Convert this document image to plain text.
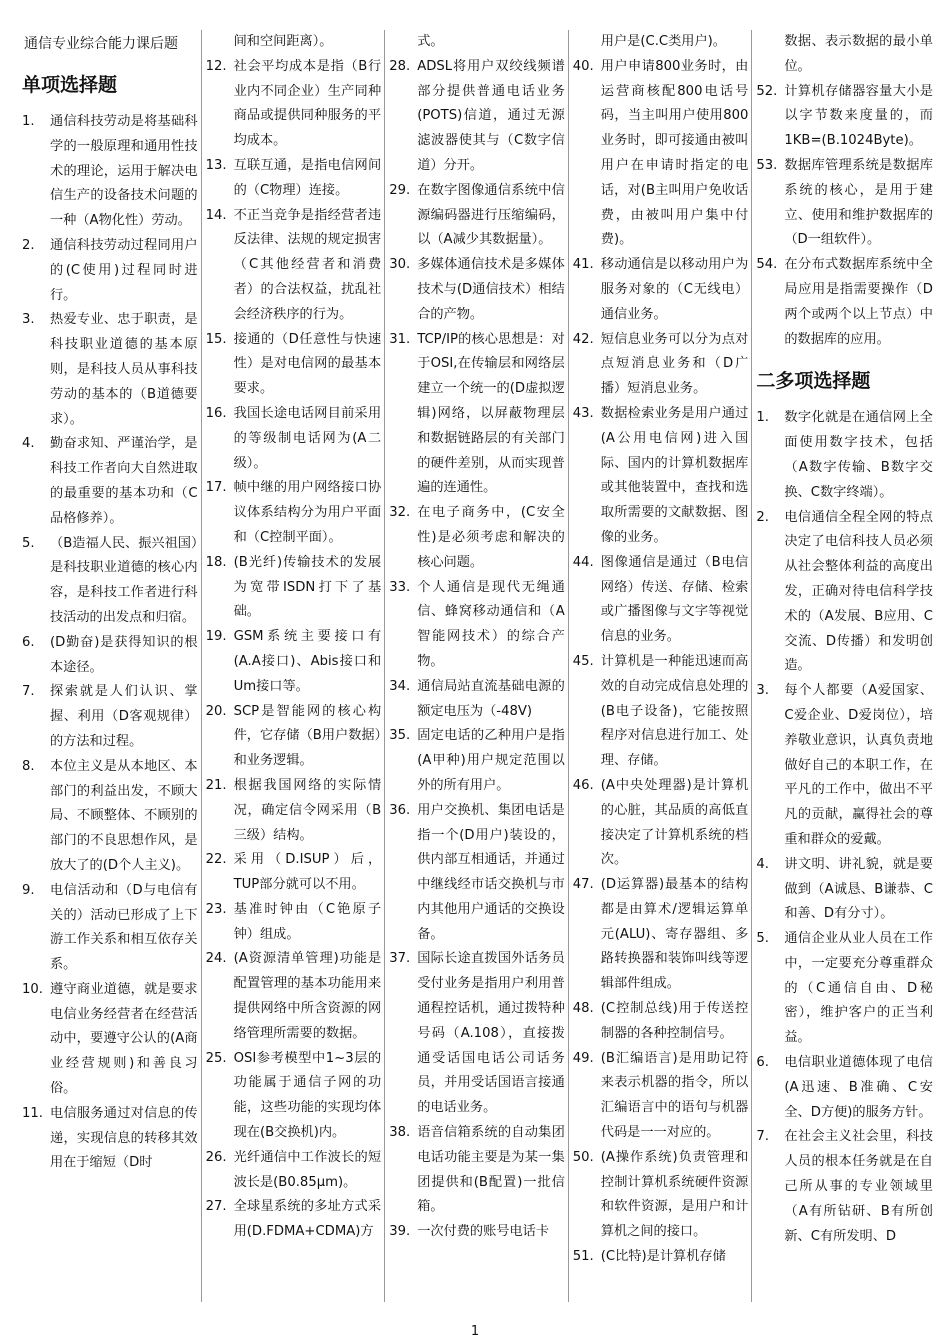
通信专业综合能力课后题
单项选择题
1.	通信科技劳动是将基础科学的一般原理和通用性技术的理论，运用于解决电信生产的设备技术问题的一种（A物化性）劳动。
2.	通信科技劳动过程同用户的(C使用)过程同时进行。
3.	热爱专业、忠于职责，是科技职业道德的基本原则，是科技人员从事科技劳动的基本的（B道德要求）。
4.	勤奋求知、严谨治学，是科技工作者向大自然进取的最重要的基本功和（C品格修养）。
5.	（B造福人民、振兴祖国）是科技职业道德的核心内容，是科技工作者进行科技活动的出发点和归宿。
6.	(D勤奋)是获得知识的根本途径。
7.	探索就是人们认识、掌握、利用（D客观规律）的方法和过程。
8.	本位主义是从本地区、本部门的利益出发，不顾大局、不顾整体、不顾别的部门的不良思想作风，是放大了的(D个人主义)。
9.	电信活动和（D与电信有关的）活动已形成了上下游工作关系和相互依存关系。
10. 遵守商业道德，就是要求电信业务经营者在经营活动中，要遵守公认的(A商业经营规则)和善良习俗。
11. 电信服务通过对信息的传递，实现信息的转移其效用在于缩短（D时
间和空间距离）。
12. 社会平均成本是指（B行业内不同企业）生产同种商品或提供同种服务的平均成本。
13. 互联互通，是指电信网间的（C物理）连接。
14. 不正当竞争是指经营者违反法律、法规的规定损害（C其他经营者和消费者）的合法权益，扰乱社会经济秩序的行为。
15. 接通的（D任意性与快速性）是对电信网的最基本要求。
16. 我国长途电话网目前采用的等级制电话网为(A二级）。
17. 帧中继的用户网络接口协议体系结构分为用户平面和（C控制平面）。
18. (B光纤)传输技术的发展为宽带ISDN打下了基础。
19. GSM系统主要接口有(A.A接口)、Abis接口和Um接口等。
20. SCP是智能网的核心构件，它存储（B用户数据）和业务逻辑。
21. 根据我国网络的实际情况，确定信令网采用（B三级）结构。
22. 采用（D.ISUP）后，TUP部分就可以不用。
23. 基准时钟由（C铯原子钟）组成。
24. (A资源清单管理)功能是配置管理的基本功能用来提供网络中所含资源的网络管理所需要的数据。
25. OSI参考模型中1~3层的功能属于通信子网的功能，这些功能的实现均体现在(B交换机)内。
26. 光纤通信中工作波长的短波长是(B0.85μm)。
27. 全球星系统的多址方式采用(D.FDMA+CDMA)方
式。
28. ADSL将用户双绞线频谱部分提供普通电话业务(POTS)信道，通过无源滤波器使其与（C数字信道）分开。
29. 在数字图像通信系统中信源编码器进行压缩编码，以（A减少其数据量）。
30. 多媒体通信技术是多媒体技术与(D通信技术）相结合的产物。
31. TCP/IP的核心思想是：对于OSI,在传输层和网络层建立一个统一的(D虚拟逻辑)网络，以屏蔽物理层和数据链路层的有关部门的硬件差别，从而实现普遍的连通性。
32. 在电子商务中，(C安全性)是必须考虑和解决的核心问题。
33. 个人通信是现代无绳通信、蜂窝移动通信和（A智能网技术）的综合产物。
34. 通信局站直流基础电源的额定电压为（-48V)
35. 固定电话的乙种用户是指(A甲种)用户规定范围以外的所有用户。
36. 用户交换机、集团电话是指一个(D用户)装设的，供内部互相通话，并通过中继线经市话交换机与市内其他用户通话的交换设备。
37. 国际长途直拨国外话务员受付业务是指用户利用普通程控话机，通过拨特种号码（A.108），直接拨通受话国电话公司话务员，并用受话国语言接通的电话业务。
38. 语音信箱系统的自动集团电话功能主要是为某一集团提供和(B配置)一批信箱。
39. 一次付费的账号电话卡
用户是(C.C类用户)。
40. 用户申请800业务时，由运营商核配800电话号码，当主叫用户使用800业务时，即可接通由被叫用户在申请时指定的电话，对(B主叫用户免收话费，由被叫用户集中付费)。
41. 移动通信是以移动用户为服务对象的（C无线电）通信业务。
42. 短信息业务可以分为点对点短消息业务和（D广播）短消息业务。
43. 数据检索业务是用户通过(A公用电信网)进入国际、国内的计算机数据库或其他装置中，查找和选取所需要的文献数据、图像的业务。
44. 图像通信是通过（B电信网络）传送、存储、检索或广播图像与文字等视觉信息的业务。
45. 计算机是一种能迅速而高效的自动完成信息处理的(B电子设备)，它能按照程序对信息进行加工、处理、存储。
46. (A中央处理器)是计算机的心脏，其品质的高低直接决定了计算机系统的档次。
47. (D运算器)最基本的结构都是由算术/逻辑运算单元(ALU)、寄存器组、多路转换器和装饰叫线等逻辑部件组成。
48. (C控制总线)用于传送控制器的各种控制信号。
49. (B汇编语言)是用助记符来表示机器的指令，所以汇编语言中的语句与机器代码是一一对应的。
50. (A操作系统)负责管理和控制计算机系统硬件资源和软件资源，是用户和计算机之间的接口。
51. (C比特)是计算机存储
数据、表示数据的最小单位。
52. 计算机存储器容量大小是以字节数来度量的，而1KB=(B.1024Byte)。
53. 数据库管理系统是数据库系统的核心，是用于建立、使用和维护数据库的（D一组软件）。
54. 在分布式数据库系统中全局应用是指需要操作（D两个或两个以上节点）中的数据库的应用。
二多项选择题
1.	数字化就是在通信网上全面使用数字技术，包括（A数字传输、B数字交换、C数字终端）。
2.	电信通信全程全网的特点决定了电信科技人员必须从社会整体利益的高度出发，正确对待电信科学技术的（A发展、B应用、C交流、D传播）和发明创造。
3.	每个人都要（A爱国家、C爱企业、D爱岗位），培养敬业意识，认真负责地做好自己的本职工作，在平凡的工作中，做出不平凡的贡献，赢得社会的尊重和群众的爱戴。
4.	讲文明、讲礼貌，就是要做到（A诚恳、B谦恭、C和善、D有分寸）。
5.	通信企业从业人员在工作中，一定要充分尊重群众的（C通信自由、D秘密），维护客户的正当利益。
6.	电信职业道德体现了电信(A迅速、B准确、C安全、D方便)的服务方针。
7.	在社会主义社会里，科技人员的根本任务就是在自己所从事的专业领域里（A有所钻研、B有所创新、C有所发明、D
1
